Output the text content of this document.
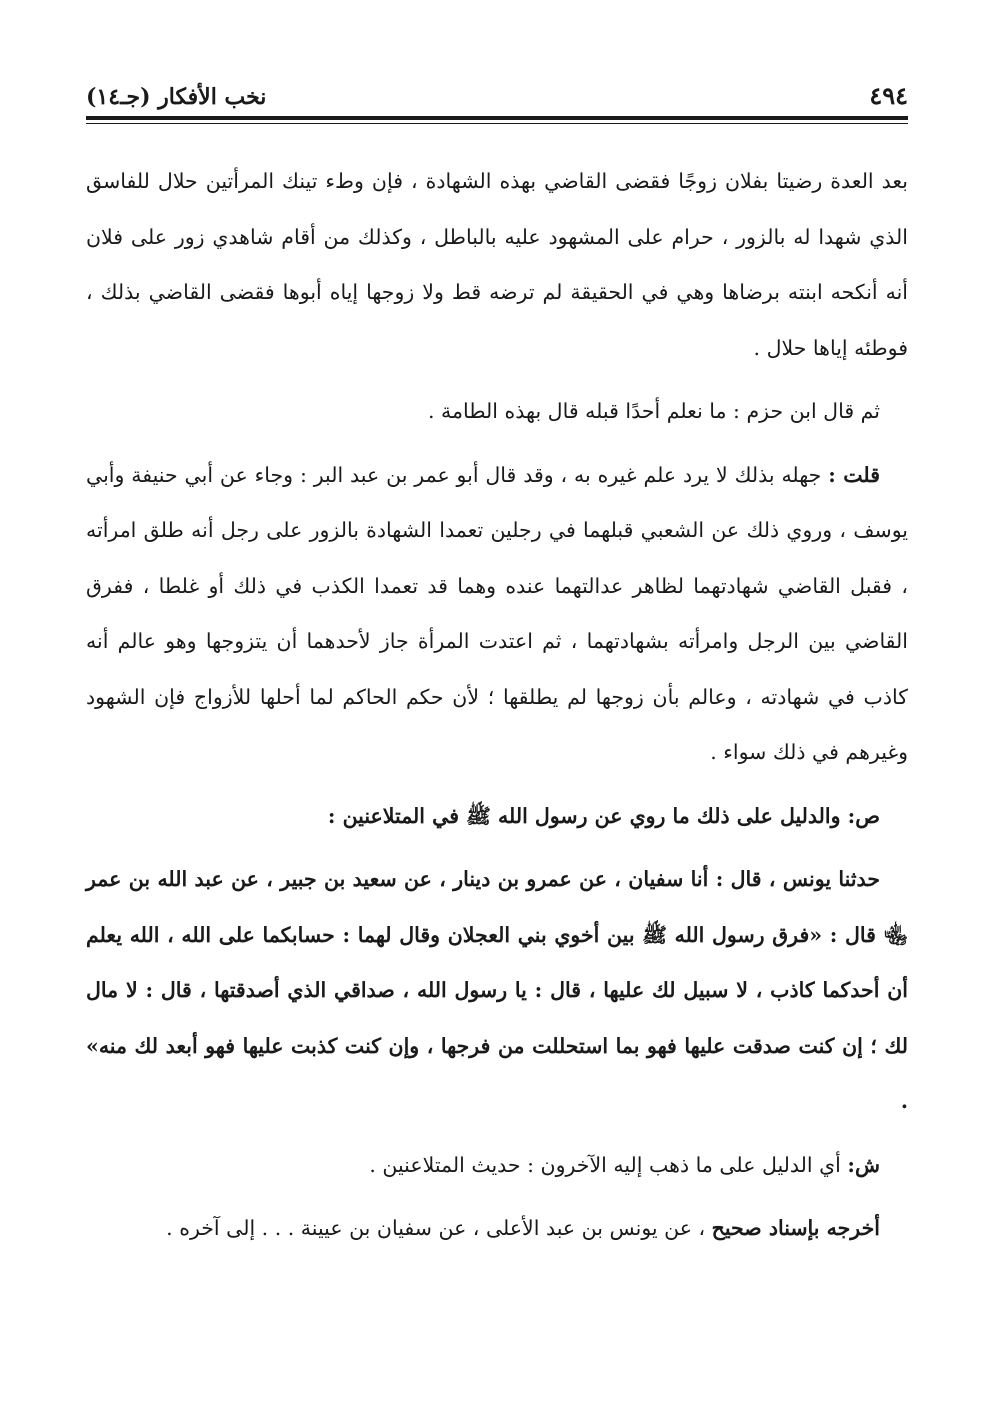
٤٩٤
نخب الأفكار (جـ١٤)

بعد العدة رضيتا بفلان زوجًا فقضى القاضي بهذه الشهادة ، فإن وطء تينك المرأتين حلال للفاسق الذي شهدا له بالزور ، حرام على المشهود عليه بالباطل ، وكذلك من أقام شاهدي زور على فلان أنه أنكحه ابنته برضاها وهي في الحقيقة لم ترضه قط ولا زوجها إياه أبوها فقضى القاضي بذلك ، فوطئه إياها حلال .

ثم قال ابن حزم : ما نعلم أحدًا قبله قال بهذه الطامة .

قلت : جهله بذلك لا يرد علم غيره به ، وقد قال أبو عمر بن عبد البر : وجاء عن أبي حنيفة وأبي يوسف ، وروي ذلك عن الشعبي قبلهما في رجلين تعمدا الشهادة بالزور على رجل أنه طلق امرأته ، فقبل القاضي شهادتهما لظاهر عدالتهما عنده وهما قد تعمدا الكذب في ذلك أو غلطا ، ففرق القاضي بين الرجل وامرأته بشهادتهما ، ثم اعتدت المرأة جاز لأحدهما أن يتزوجها وهو عالم أنه كاذب في شهادته ، وعالم بأن زوجها لم يطلقها ؛ لأن حكم الحاكم لما أحلها للأزواج فإن الشهود وغيرهم في ذلك سواء .

ص: والدليل على ذلك ما روي عن رسول الله ﷺ في المتلاعنين :

حدثنا يونس ، قال : أنا سفيان ، عن عمرو بن دينار ، عن سعيد بن جبير ، عن عبد الله بن عمر ﵄ قال : «فرق رسول الله ﷺ بين أخوي بني العجلان وقال لهما : حسابكما على الله ، الله يعلم أن أحدكما كاذب ، لا سبيل لك عليها ، قال : يا رسول الله ، صداقي الذي أصدقتها ، قال : لا مال لك ؛ إن كنت صدقت عليها فهو بما استحللت من فرجها ، وإن كنت كذبت عليها فهو أبعد لك منه» .

ش: أي الدليل على ما ذهب إليه الآخرون : حديث المتلاعنين .

أخرجه بإسناد صحيح ، عن يونس بن عبد الأعلى ، عن سفيان بن عيينة . . . إلى آخره .
